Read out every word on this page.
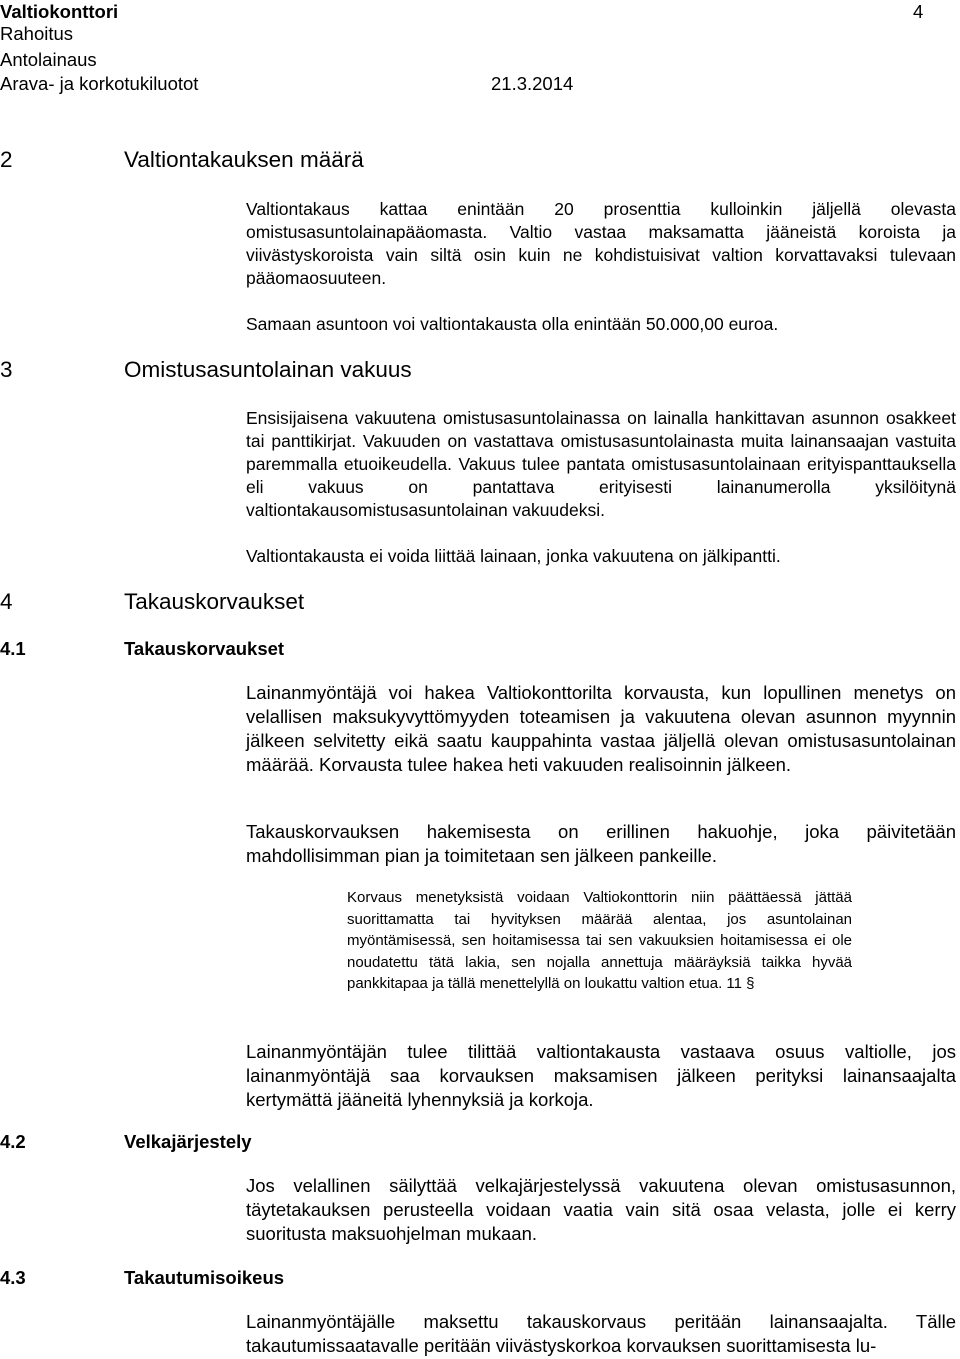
Valtiokonttori	4
Rahoitus
Antolainaus
Arava- ja korkotukiluotot	21.3.2014
2	Valtiontakauksen määrä

Valtiontakaus kattaa enintään 20 prosenttia kulloinkin jäljellä olevasta omistusasuntolainapääomasta. Valtio vastaa maksamatta jääneistä koroista ja viivästyskoroista vain siltä osin kuin ne kohdistuisivat valtion korvattavaksi tulevaan pääomaosuuteen.

Samaan asuntoon voi valtiontakausta olla enintään 50.000,00 euroa.

3	Omistusasuntolainan vakuus

Ensisijaisena vakuutena omistusasuntolainassa on lainalla hankittavan asunnon osakkeet tai panttikirjat. Vakuuden on vastattava omistusasuntolainasta muita lainansaajan vastuita paremmalla etuoikeudella. Vakuus tulee pantata omistusasuntolainaan erityispanttauksella eli vakuus on pantattava erityisesti lainanumerolla yksilöitynä valtiontakausomistusasuntolainan vakuudeksi.

Valtiontakausta ei voida liittää lainaan, jonka vakuutena on jälkipantti.

4	Takauskorvaukset
4.1	Takauskorvaukset

Lainanmyöntäjä voi hakea Valtiokonttorilta korvausta, kun lopullinen menetys on velallisen maksukyvyttömyyden toteamisen ja vakuutena olevan asunnon myynnin jälkeen selvitetty eikä saatu kauppahinta vastaa jäljellä olevan omistusasuntolainan määrää. Korvausta tulee hakea heti vakuuden realisoinnin jälkeen.

Takauskorvauksen hakemisesta on erillinen hakuohje, joka päivitetään mahdollisimman pian ja toimitetaan sen jälkeen pankeille.

Korvaus menetyksistä voidaan Valtiokonttorin niin päättäessä jättää suorittamatta tai hyvityksen määrää alentaa, jos asuntolainan myöntämisessä, sen hoitamisessa tai sen vakuuksien hoitamisessa ei ole noudatettu tätä lakia, sen nojalla annettuja määräyksiä taikka hyvää pankkitapaa ja tällä menettelyllä on loukattu valtion etua. 11 §

Lainanmyöntäjän tulee tilittää valtiontakausta vastaava osuus valtiolle, jos lainanmyöntäjä saa korvauksen maksamisen jälkeen perityksi lainansaajalta kertymättä jääneitä lyhennyksiä ja korkoja.

4.2	Velkajärjestely

Jos velallinen säilyttää velkajärjestelyssä vakuutena olevan omistusasunnon, täytetakauksen perusteella voidaan vaatia vain sitä osaa velasta, jolle ei kerry suoritusta maksuohjelman mukaan.

4.3	Takautumisoikeus

Lainanmyöntäjälle maksettu takauskorvaus peritään lainansaajalta. Tälle takautumissaatavalle peritään viivästyskorkoa korvauksen suorittamisesta lu-
